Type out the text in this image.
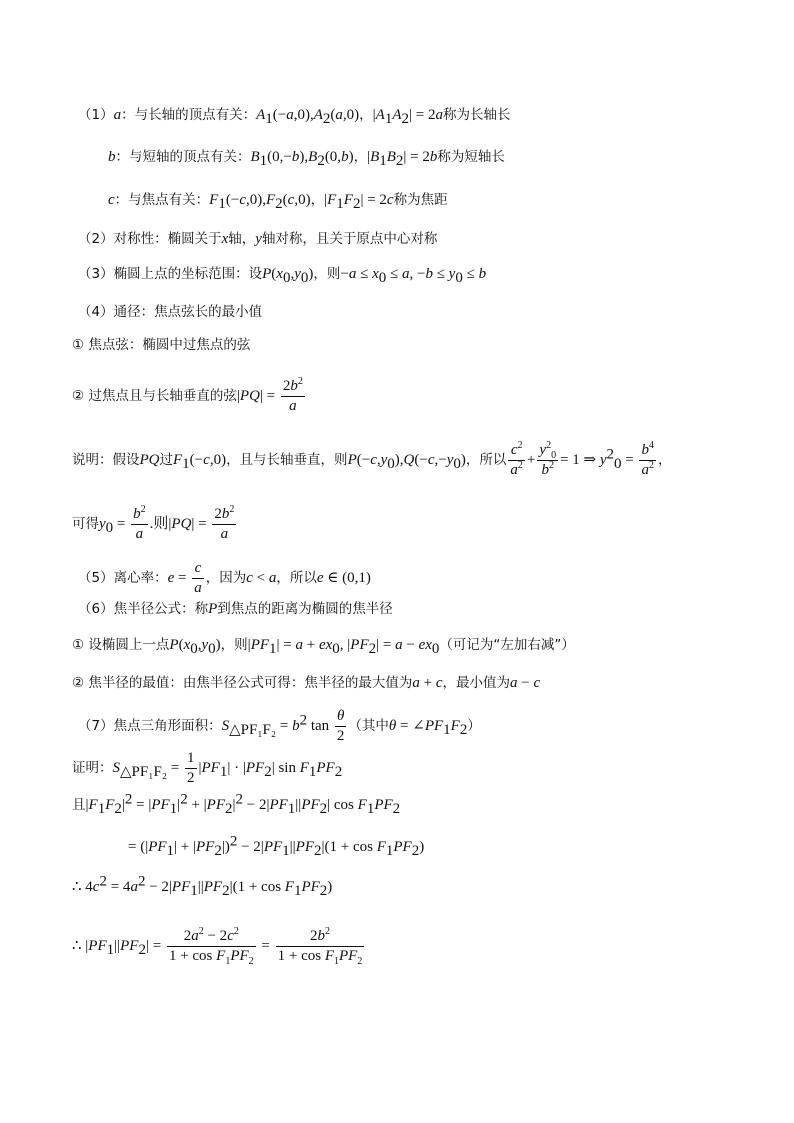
（1）a：与长轴的顶点有关：$A_1(-a,0),A_2(a,0)$，$|A_1A_2| = 2a$称为长轴长
b：与短轴的顶点有关：$B_1(0,-b),B_2(0,b)$，$|B_1B_2| = 2b$称为短轴长
c：与焦点有关：$F_1(-c,0),F_2(c,0)$，$|F_1F_2| = 2c$称为焦距
（2）对称性：椭圆关于x轴，y轴对称，且关于原点中心对称
（3）椭圆上点的坐标范围：设$P(x_0,y_0)$，则$-a \le x_0 \le a$, $-b \le y_0 \le b$
（4）通径：焦点弦长的最小值
① 焦点弦：椭圆中过焦点的弦
② 过焦点且与长轴垂直的弦$|PQ| = \frac{2b^2}{a}$
说明：假设PQ过$F_1(-c,0)$，且与长轴垂直，则$P(-c,y_0),Q(-c,-y_0)$，所以 $\frac{c^2}{a^2} + \frac{y^2_0}{b^2} = 1$ ⇒ $y^2_0 = \frac{b^4}{a^2}$ ，
可得$y_0 = \frac{b^2}{a}$ .则$|PQ| = \frac{2b^2}{a}$
（5）离心率：$e = \frac{c}{a}$ ，因为c < a，所以e ∈ (0,1)
（6）焦半径公式：称P到焦点的距离为椭圆的焦半径
① 设椭圆上一点$P(x_0,y_0)$，则$|PF_1| = a + ex_0$, $|PF_2| = a - ex_0$（可记为“左加右减”）
② 焦半径的最值：由焦半径公式可得：焦半径的最大值为a + c，最小值为a − c
（7）焦点三角形面积：$S_{\triangle PF_1F_2} = b^2$ $\tan \frac{\theta}{2}$ （其中$\theta = \angle PF_1F_2$）
证明：$S_{\triangle PF_1F_2} = \frac{1}{2} |PF_1| \cdot |PF_2|$ $\sin F_1PF_2$
且$|F_1F_2|^2 = |PF_1|^2 + |PF_2|^2 - 2|PF_1||PF_2|$ $\cos F_1PF_2$
= $(|PF_1| + |PF_2|)^2 - 2|PF_1||PF_2|(1 + \cos F_1PF_2)$
∴ $4c^2 = 4a^2 - 2|PF_1||PF_2|(1 + \cos F_1PF_2)$
∴ $|PF_1||PF_2| = \frac{2a^2 - 2c^2}{1 + \cos F_1PF_2} = \frac{2b^2}{1 + \cos F_1PF_2}$
